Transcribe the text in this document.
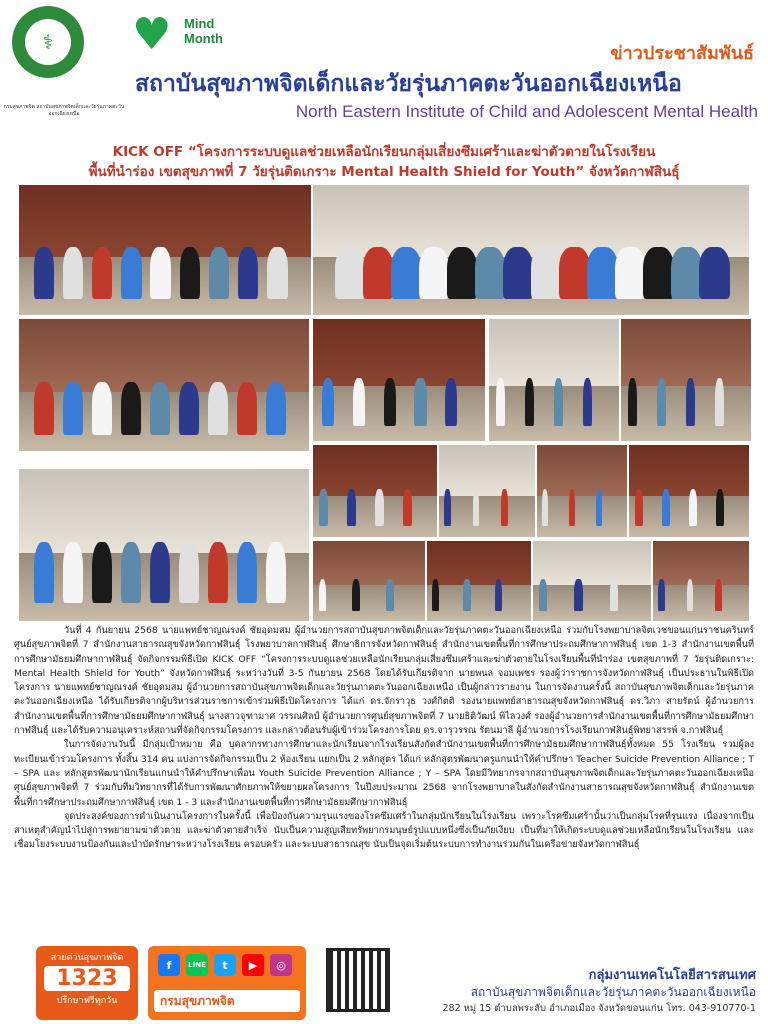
⚕
กรมสุขภาพจิต สถาบันสุขภาพจิตเด็กและวัยรุ่นภาคตะวันออกเฉียงเหนือ
♥ Mind
Month
ข่าวประชาสัมพันธ์
สถาบันสุขภาพจิตเด็กและวัยรุ่นภาคตะวันออกเฉียงเหนือ
North Eastern Institute of Child and Adolescent Mental Health
KICK OFF “โครงการระบบดูแลช่วยเหลือนักเรียนกลุ่มเสี่ยงซึมเศร้าและฆ่าตัวตายในโรงเรียน
พื้นที่นำร่อง เขตสุขภาพที่ 7 วัยรุ่นติดเกราะ Mental Health Shield for Youth” จังหวัดกาฬสินธุ์

วันที่ 4 กันยายน 2568 นายแพทย์ชาญณรงค์ ชัยอุดมสม ผู้อำนวยการสถาบันสุขภาพจิตเด็กและวัยรุ่นภาคตะวันออกเฉียงเหนือ ร่วมกับโรงพยาบาลจิตเวชขอนแก่นราชนครินทร์ ศูนย์สุขภาพจิตที่ 7 สำนักงานสาธารณสุขจังหวัดกาฬสินธุ์ โรงพยาบาลกาฬสินธุ์ ศึกษาธิการจังหวัดกาฬสินธุ์ สำนักงานเขตพื้นที่การศึกษาประถมศึกษากาฬสินธุ์ เขต 1-3 สำนักงานเขตพื้นที่การศึกษามัธยมศึกษากาฬสินธุ์ จัดกิจกรรมพิธีเปิด KICK OFF “โครงการระบบดูแลช่วยเหลือนักเรียนกลุ่มเสี่ยงซึมเศร้าและฆ่าตัวตายในโรงเรียนพื้นที่นำร่อง เขตสุขภาพที่ 7 วัยรุ่นติดเกราะ: Mental Health Shield for Youth” จังหวัดกาฬสินธุ์ ระหว่างวันที่ 3-5 กันยายน 2568 โดยได้รับเกียรติจาก นายพนล จอมเพชร รองผู้ว่าราชการจังหวัดกาฬสินธุ์ เป็นประธานในพิธีเปิดโครงการ นายแพทย์ชาญณรงค์ ชัยอุดมสม ผู้อำนวยการสถาบันสุขภาพจิตเด็กและวัยรุ่นภาคตะวันออกเฉียงเหนือ เป็นผู้กล่าวรายงาน ในการจัดงานครั้งนี้ สถาบันสุขภาพจิตเด็กและวัยรุ่นภาคตะวันออกเฉียงเหนือ ได้รับเกียรติจากผู้บริหารส่วนราชการเข้าร่วมพิธีเปิดโครงการ ได้แก่ ดร.จักราวุธ วงศ์กิตติ รองนายแพทย์สาธารณสุขจังหวัดกาฬสินธุ์ ดร.วิภา สายรัตน์ ผู้อำนวยการสำนักงานเขตพื้นที่การศึกษามัธยมศึกษากาฬสินธุ์ นางสาวจุฑามาศ วรรณศิลป์ ผู้อำนวยการศูนย์สุขภาพจิตที่ 7 นายธิติวัฒน์ พิไลวงศ์ รองผู้อำนวยการสำนักงานเขตพื้นที่การศึกษามัธยมศึกษากาฬสินธุ์ และได้รับความอนุเคราะห์สถานที่จัดกิจกรรมโครงการ และกล่าวต้อนรับผู้เข้าร่วมโครงการโดย ดร.จารุวรรณ รัตนมาลี ผู้อำนวยการโรงเรียนกาฬสินธุ์พิทยาสรรพ์ จ.กาฬสินธุ์

ในการจัดงานวันนี้ มีกลุ่มเป้าหมาย คือ บุคลากรทางการศึกษาและนักเรียนจากโรงเรียนสังกัดสำนักงานเขตพื้นที่การศึกษามัธยมศึกษากาฬสินธุ์ทั้งหมด 55 โรงเรียน รวมผู้ลงทะเบียนเข้าร่วมโครงการ ทั้งสิ้น 314 คน แบ่งการจัดกิจกรรมเป็น 2 ห้องเรียน แยกเป็น 2 หลักสูตร ได้แก่ หลักสูตรพัฒนาครูแกนนำให้คำปรึกษา Teacher Suicide Prevention Alliance ; T – SPA และ หลักสูตรพัฒนานักเรียนแกนนำให้คำปรึกษาเพื่อน Youth Suicide Prevention Alliance ; Y – SPA โดยมีวิทยากรจากสถาบันสุขภาพจิตเด็กและวัยรุ่นภาคตะวันออกเฉียงเหนือ ศูนย์สุขภาพจิตที่ 7 ร่วมกับทีมวิทยากรที่ได้รับการพัฒนาศักยภาพให้ขยายผลโครงการ ในปีงบประมาณ 2568 จากโรงพยาบาลในสังกัดสำนักงานสาธารณสุขจังหวัดกาฬสินธุ์ สำนักงานเขตพื้นที่การศึกษาประถมศึกษากาฬสินธุ์ เขต 1 - 3 และสำนักงานเขตพื้นที่การศึกษามัธยมศึกษากาฬสินธุ์

จุดประสงค์ของการดำเนินงานโครงการในครั้งนี้ เพื่อป้องกันความรุนแรงของโรคซึมเศร้าในกลุ่มนักเรียนในโรงเรียน เพราะโรคซึมเศร้านั้นว่าเป็นกลุ่มโรคที่รุนแรง เนื่องจากเป็นสาเหตุสำคัญนำไปสู่การพยายามฆ่าตัวตาย และฆ่าตัวตายสำเร็จ นับเป็นความสูญเสียทรัพยากรมนุษย์รูปแบบหนึ่งซึ่งเป็นภัยเงียบ เป็นที่มาให้เกิดระบบดูแลช่วยเหลือนักเรียนในโรงเรียน และเชื่อมโยงระบบงานป้องกันและบำบัดรักษาระหว่างโรงเรียน ครอบครัว และระบบสาธารณสุข นับเป็นจุดเริ่มต้นระบบการทำงานร่วมกันในเครือข่ายจังหวัดกาฬสินธุ์

สายด่วนสุขภาพจิต
1323
ปรึกษาฟรีทุกวัน
f	LINE	t	▶	◎
กรมสุขภาพจิต
กลุ่มงานเทคโนโลยีสารสนเทศ
สถาบันสุขภาพจิตเด็กและวัยรุ่นภาคตะวันออกเฉียงเหนือ
282 หมู่ 15 ตำบลพระลับ อำเภอเมือง จังหวัดขอนแก่น โทร. 043-910770-1
